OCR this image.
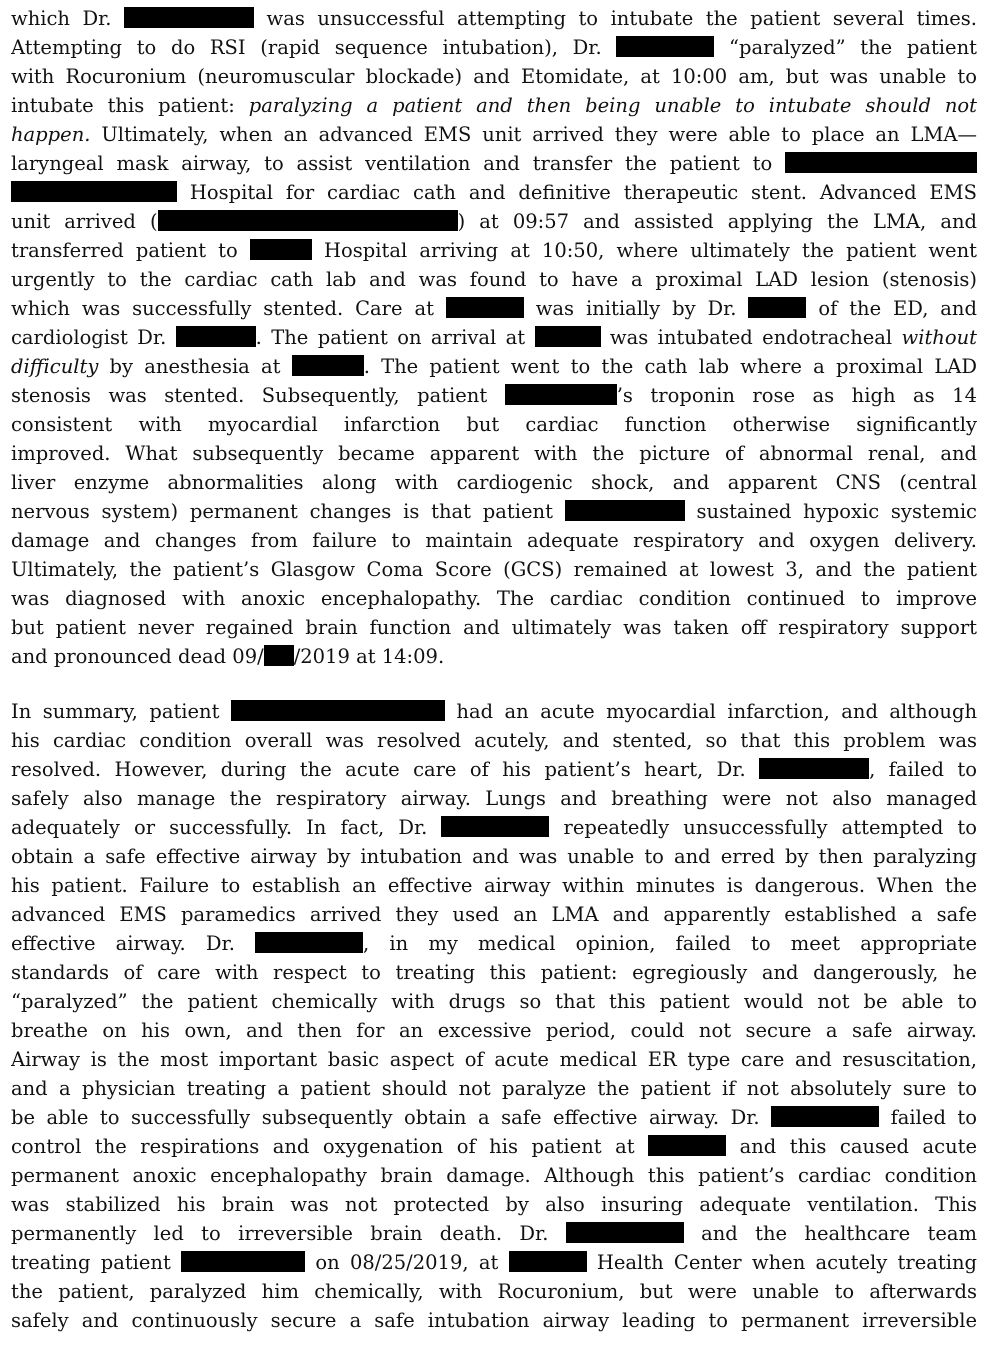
which Dr.	was unsuccessful attempting to intubate the patient several times.
Attempting to do RSI (rapid sequence intubation), Dr.	“paralyzed” the patient
with Rocuronium (neuromuscular blockade) and Etomidate, at 10:00 am, but was unable to
intubate this patient: paralyzing a patient and then being unable to intubate should not
happen. Ultimately, when an advanced EMS unit arrived they were able to place an LMA—
laryngeal mask airway, to assist ventilation and transfer the patient to
Hospital for cardiac cath and definitive therapeutic stent. Advanced EMS
unit arrived (	) at 09:57 and assisted applying the LMA, and
transferred patient to	Hospital arriving at 10:50, where ultimately the patient went
urgently to the cardiac cath lab and was found to have a proximal LAD lesion (stenosis)
which was successfully stented. Care at	was initially by Dr.	of the ED, and
cardiologist Dr.	. The patient on arrival at	was intubated endotracheal without
difficulty by anesthesia at	. The patient went to the cath lab where a proximal LAD
stenosis was stented. Subsequently, patient	’s troponin rose as high as 14
consistent with myocardial infarction but cardiac function otherwise significantly
improved. What subsequently became apparent with the picture of abnormal renal, and
liver enzyme abnormalities along with cardiogenic shock, and apparent CNS (central
nervous system) permanent changes is that patient	sustained hypoxic systemic
damage and changes from failure to maintain adequate respiratory and oxygen delivery.
Ultimately, the patient’s Glasgow Coma Score (GCS) remained at lowest 3, and the patient
was diagnosed with anoxic encephalopathy. The cardiac condition continued to improve
but patient never regained brain function and ultimately was taken off respiratory support
and pronounced dead 09/ /2019 at 14:09.
In summary, patient	had an acute myocardial infarction, and although
his cardiac condition overall was resolved acutely, and stented, so that this problem was
resolved. However, during the acute care of his patient’s heart, Dr.	, failed to
safely also manage the respiratory airway. Lungs and breathing were not also managed
adequately or successfully. In fact, Dr.	repeatedly unsuccessfully attempted to
obtain a safe effective airway by intubation and was unable to and erred by then paralyzing
his patient. Failure to establish an effective airway within minutes is dangerous. When the
advanced EMS paramedics arrived they used an LMA and apparently established a safe
effective airway. Dr.	, in my medical opinion, failed to meet appropriate
standards of care with respect to treating this patient: egregiously and dangerously, he
“paralyzed” the patient chemically with drugs so that this patient would not be able to
breathe on his own, and then for an excessive period, could not secure a safe airway.
Airway is the most important basic aspect of acute medical ER type care and resuscitation,
and a physician treating a patient should not paralyze the patient if not absolutely sure to
be able to successfully subsequently obtain a safe effective airway. Dr.	failed to
control the respirations and oxygenation of his patient at	and this caused acute
permanent anoxic encephalopathy brain damage. Although this patient’s cardiac condition
was stabilized his brain was not protected by also insuring adequate ventilation. This
permanently led to irreversible brain death. Dr.	and the healthcare team
treating patient	on 08/25/2019, at	Health Center when acutely treating
the patient, paralyzed him chemically, with Rocuronium, but were unable to afterwards
safely and continuously secure a safe intubation airway leading to permanent irreversible
